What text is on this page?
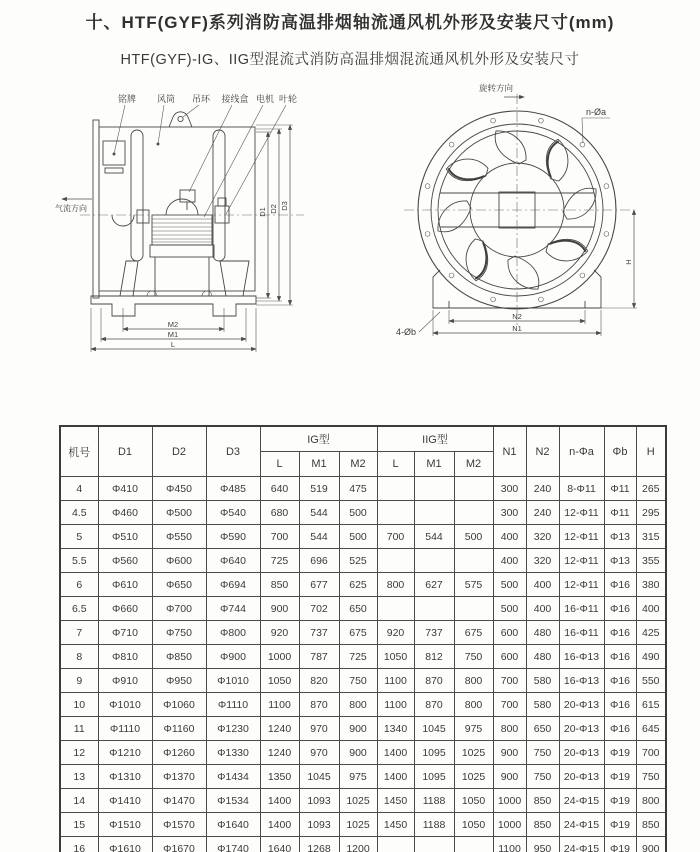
十、HTF(GYF)系列消防高温排烟轴流通风机外形及安装尺寸(mm)
HTF(GYF)-IG、IIG型混流式消防高温排烟混流通风机外形及安装尺寸
铭牌 风筒 吊环 接线盒 电机 叶轮
气流方向
M2
M1
L
D1 D2 D3
旋转方向
n-Øa
4-Øb
N2
N1
H
机号	D1	D2	D3	IG型			IIG型			N1	N2	n-Φa	Φb	H
				L	M1	M2	L	M1	M2					
4	Φ410	Φ450	Φ485	640	519	475				300	240	8-Φ11	Φ11	265
4.5	Φ460	Φ500	Φ540	680	544	500				300	240	12-Φ11	Φ11	295
5	Φ510	Φ550	Φ590	700	544	500	700	544	500	400	320	12-Φ11	Φ13	315
5.5	Φ560	Φ600	Φ640	725	696	525				400	320	12-Φ11	Φ13	355
6	Φ610	Φ650	Φ694	850	677	625	800	627	575	500	400	12-Φ11	Φ16	380
6.5	Φ660	Φ700	Φ744	900	702	650				500	400	16-Φ11	Φ16	400
7	Φ710	Φ750	Φ800	920	737	675	920	737	675	600	480	16-Φ11	Φ16	425
8	Φ810	Φ850	Φ900	1000	787	725	1050	812	750	600	480	16-Φ13	Φ16	490
9	Φ910	Φ950	Φ1010	1050	820	750	1100	870	800	700	580	16-Φ13	Φ16	550
10	Φ1010	Φ1060	Φ1110	1100	870	800	1100	870	800	700	580	20-Φ13	Φ16	615
11	Φ1110	Φ1160	Φ1230	1240	970	900	1340	1045	975	800	650	20-Φ13	Φ16	645
12	Φ1210	Φ1260	Φ1330	1240	970	900	1400	1095	1025	900	750	20-Φ13	Φ19	700
13	Φ1310	Φ1370	Φ1434	1350	1045	975	1400	1095	1025	900	750	20-Φ13	Φ19	750
14	Φ1410	Φ1470	Φ1534	1400	1093	1025	1450	1188	1050	1000	850	24-Φ15	Φ19	800
15	Φ1510	Φ1570	Φ1640	1400	1093	1025	1450	1188	1050	1000	850	24-Φ15	Φ19	850
16	Φ1610	Φ1670	Φ1740	1640	1268	1200				1100	950	24-Φ15	Φ19	900
